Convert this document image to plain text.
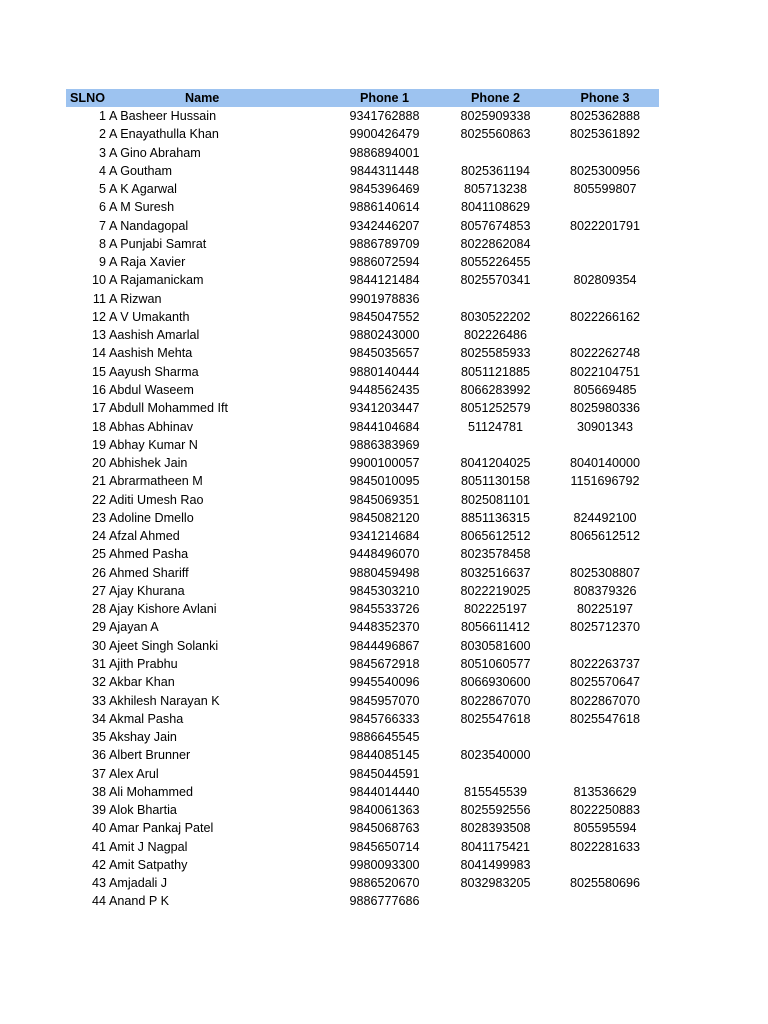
SLNO	Name	Phone 1	Phone 2	Phone 3
1 A Basheer Hussain	9341762888	8025909338	8025362888
2 A Enayathulla Khan	9900426479	8025560863	8025361892
3 A Gino Abraham	9886894001
4 A Goutham	9844311448	8025361194	8025300956
5 A K Agarwal	9845396469	805713238	805599807
6 A M Suresh	9886140614	8041108629
7 A Nandagopal	9342446207	8057674853	8022201791
8 A Punjabi Samrat	9886789709	8022862084
9 A Raja Xavier	9886072594	8055226455
10 A Rajamanickam	9844121484	8025570341	802809354
11 A Rizwan	9901978836
12 A V Umakanth	9845047552	8030522202	8022266162
13 Aashish Amarlal	9880243000	802226486
14 Aashish Mehta	9845035657	8025585933	8022262748
15 Aayush Sharma	9880140444	8051121885	8022104751
16 Abdul Waseem	9448562435	8066283992	805669485
17 Abdull Mohammed Ift	9341203447	8051252579	8025980336
18 Abhas Abhinav	9844104684	51124781	30901343
19 Abhay Kumar N	9886383969
20 Abhishek Jain	9900100057	8041204025	8040140000
21 Abrarmatheen M	9845010095	8051130158	1151696792
22 Aditi Umesh Rao	9845069351	8025081101
23 Adoline Dmello	9845082120	8851136315	824492100
24 Afzal Ahmed	9341214684	8065612512	8065612512
25 Ahmed Pasha	9448496070	8023578458
26 Ahmed Shariff	9880459498	8032516637	8025308807
27 Ajay Khurana	9845303210	8022219025	808379326
28 Ajay Kishore Avlani	9845533726	802225197	80225197
29 Ajayan A	9448352370	8056611412	8025712370
30 Ajeet Singh Solanki	9844496867	8030581600
31 Ajith Prabhu	9845672918	8051060577	8022263737
32 Akbar Khan	9945540096	8066930600	8025570647
33 Akhilesh Narayan K	9845957070	8022867070	8022867070
34 Akmal Pasha	9845766333	8025547618	8025547618
35 Akshay Jain	9886645545
36 Albert Brunner	9844085145	8023540000
37 Alex Arul	9845044591
38 Ali Mohammed	9844014440	815545539	813536629
39 Alok Bhartia	9840061363	8025592556	8022250883
40 Amar Pankaj Patel	9845068763	8028393508	805595594
41 Amit J Nagpal	9845650714	8041175421	8022281633
42 Amit Satpathy	9980093300	8041499983
43 Amjadali J	9886520670	8032983205	8025580696
44 Anand P K	9886777686
